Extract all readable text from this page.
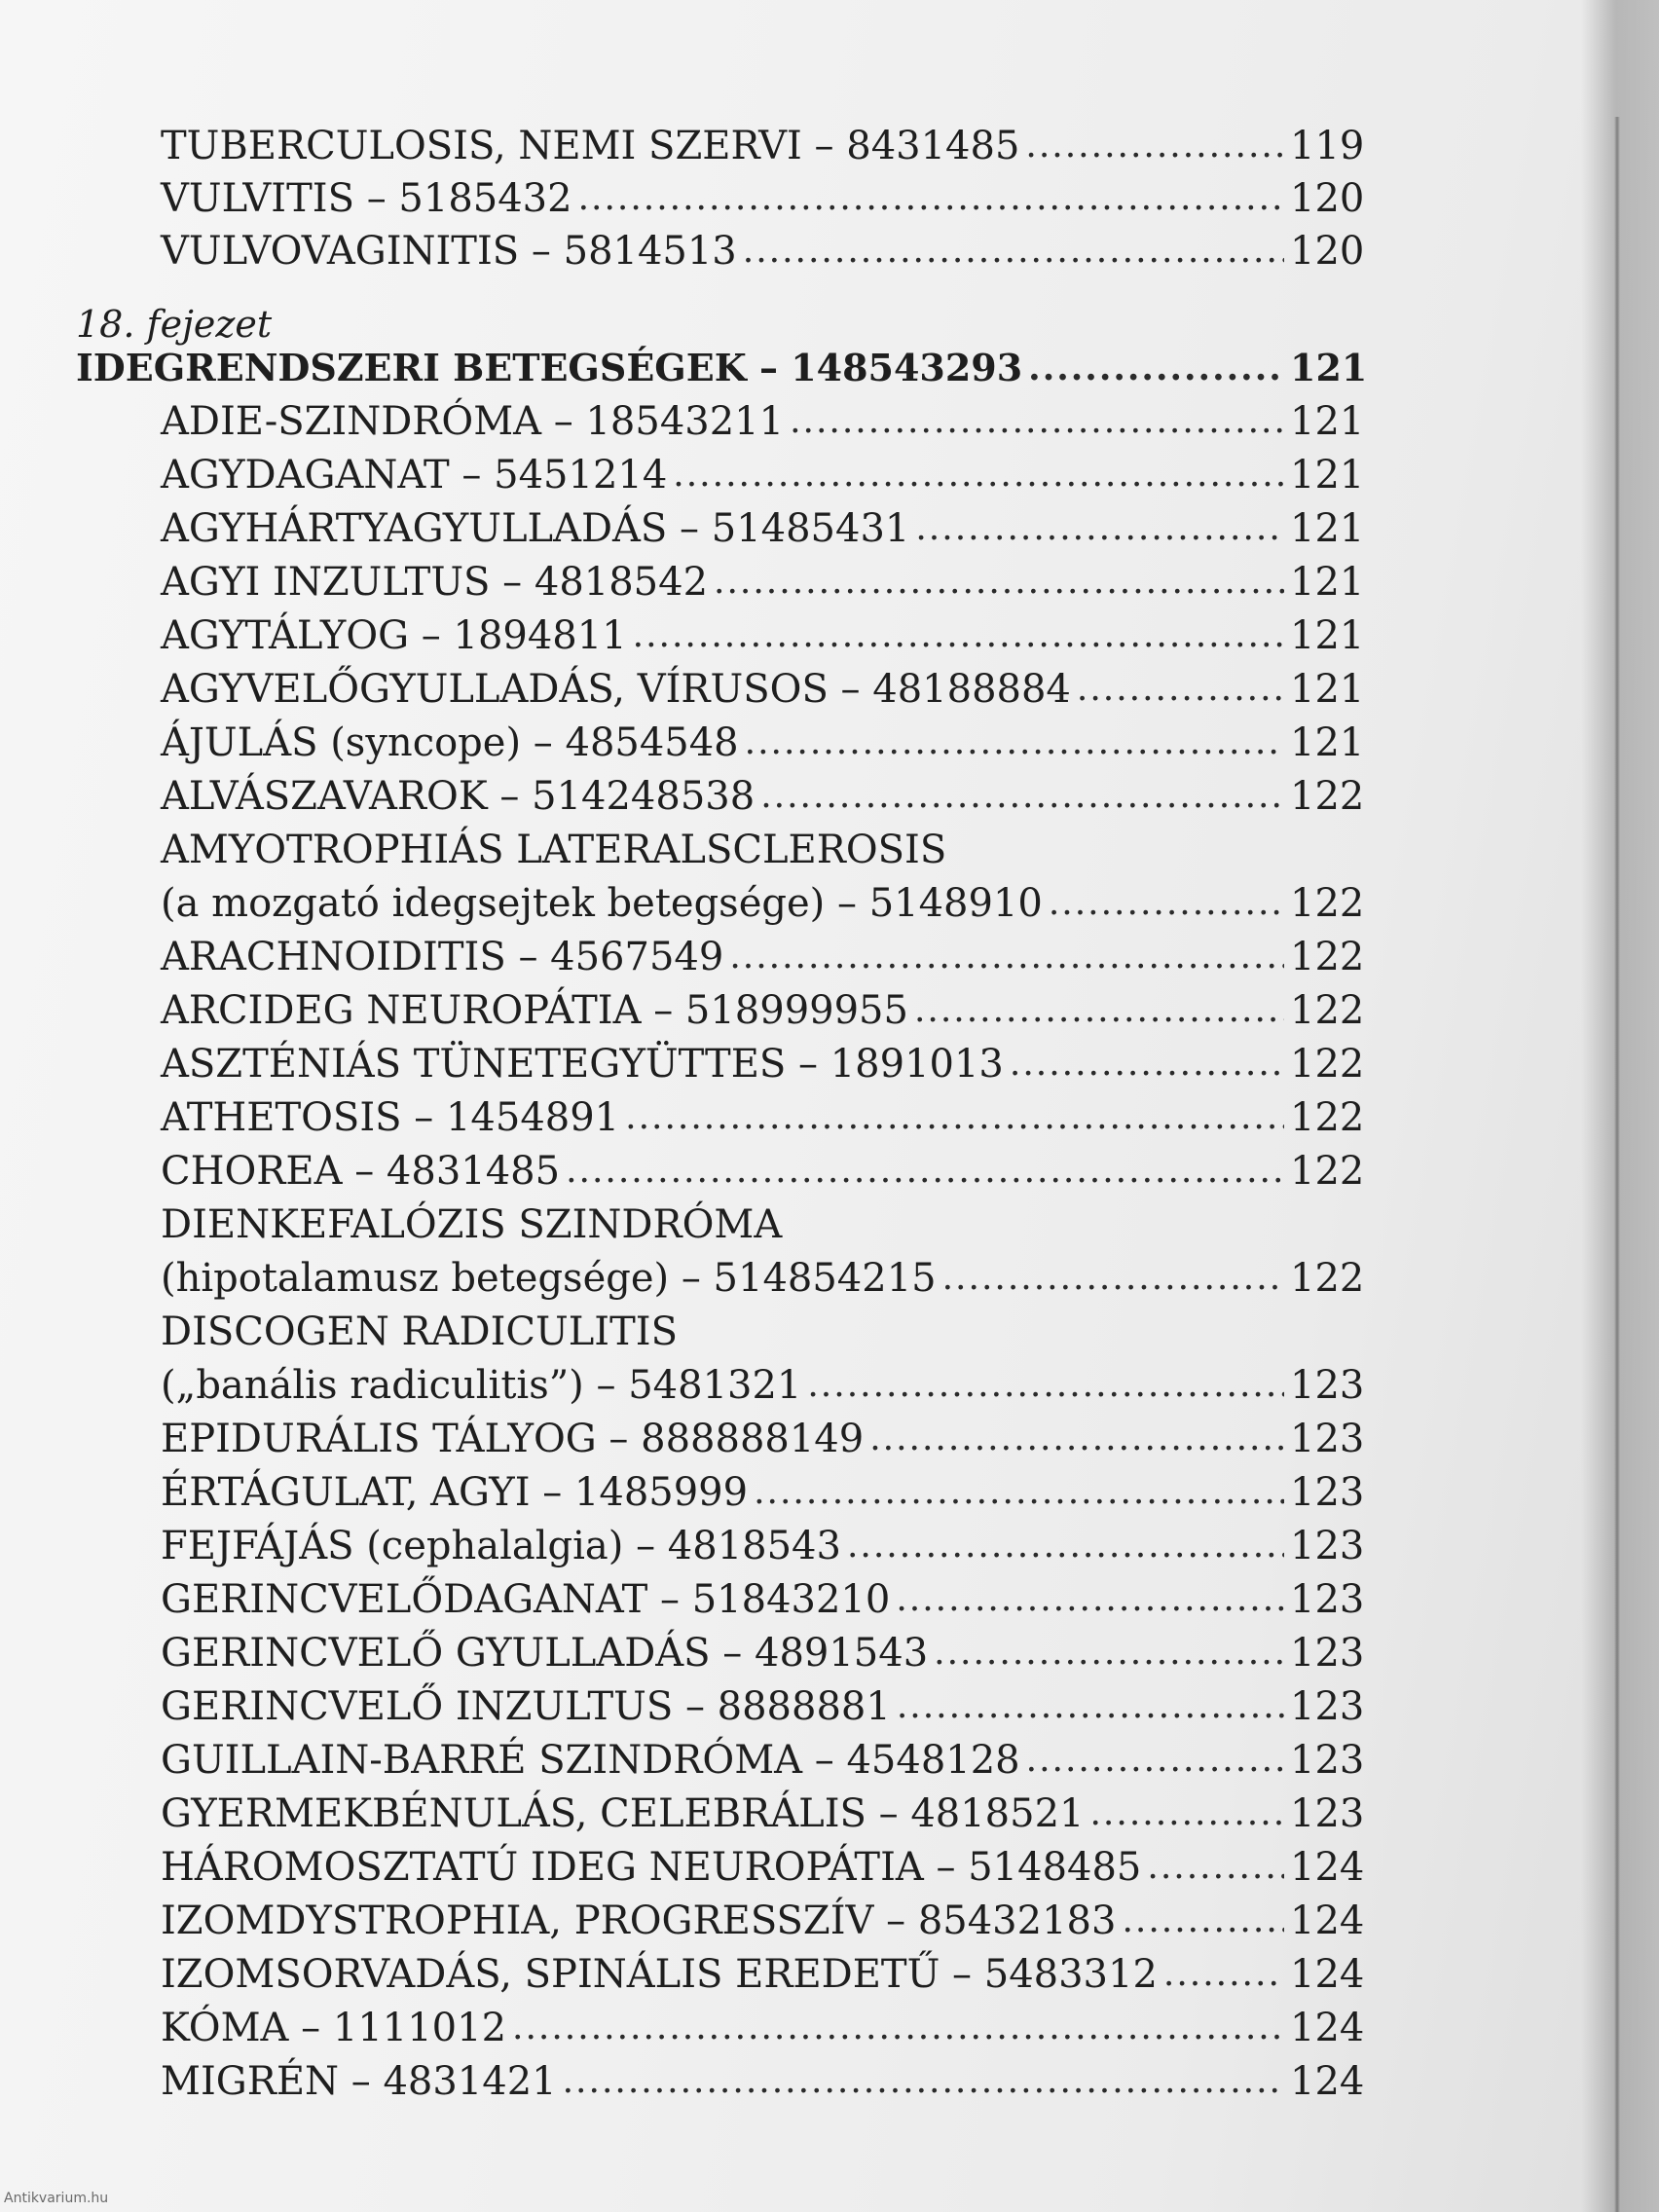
TUBERCULOSIS, NEMI SZERVI – 8431485 .....	119
VULVITIS – 5185432 .....	120
VULVOVAGINITIS – 5814513 .....	120
18. fejezet
IDEGRENDSZERI BETEGSÉGEK – 148543293 .....	121
ADIE-SZINDRÓMA – 18543211 .....	121
AGYDAGANAT – 5451214 .....	121
AGYHÁRTYAGYULLADÁS – 51485431 .....	121
AGYI INZULTUS – 4818542 .....	121
AGYTÁLYOG – 1894811 .....	121
AGYVELŐGYULLADÁS, VÍRUSOS – 48188884 .....	121
ÁJULÁS (syncope) – 4854548 .....	121
ALVÁSZAVAROK – 514248538 .....	122
AMYOTROPHIÁS LATERALSCLEROSIS
(a mozgató idegsejtek betegsége) – 5148910 .....	122
ARACHNOIDITIS – 4567549 .....	122
ARCIDEG NEUROPÁTIA – 518999955 .....	122
ASZTÉNIÁS TÜNETEGYÜTTES – 1891013 .....	122
ATHETOSIS – 1454891 .....	122
CHOREA – 4831485 .....	122
DIENKEFALÓZIS SZINDRÓMA
(hipotalamusz betegsége) – 514854215 .....	122
DISCOGEN RADICULITIS
(„banális radiculitis”) – 5481321 .....	123
EPIDURÁLIS TÁLYOG – 888888149 .....	123
ÉRTÁGULAT, AGYI – 1485999 .....	123
FEJFÁJÁS (cephalalgia) – 4818543 .....	123
GERINCVELŐDAGANAT – 51843210 .....	123
GERINCVELŐ GYULLADÁS – 4891543 .....	123
GERINCVELŐ INZULTUS – 8888881 .....	123
GUILLAIN-BARRÉ SZINDRÓMA – 4548128 .....	123
GYERMEKBÉNULÁS, CELEBRÁLIS – 4818521 .....	123
HÁROMOSZTATÚ IDEG NEUROPÁTIA – 5148485 .....	124
IZOMDYSTROPHIA, PROGRESSZÍV – 85432183 .....	124
IZOMSORVADÁS, SPINÁLIS EREDETŰ – 5483312 .....	124
KÓMA – 1111012 .....	124
MIGRÉN – 4831421 .....	124
Antikvarium.hu
